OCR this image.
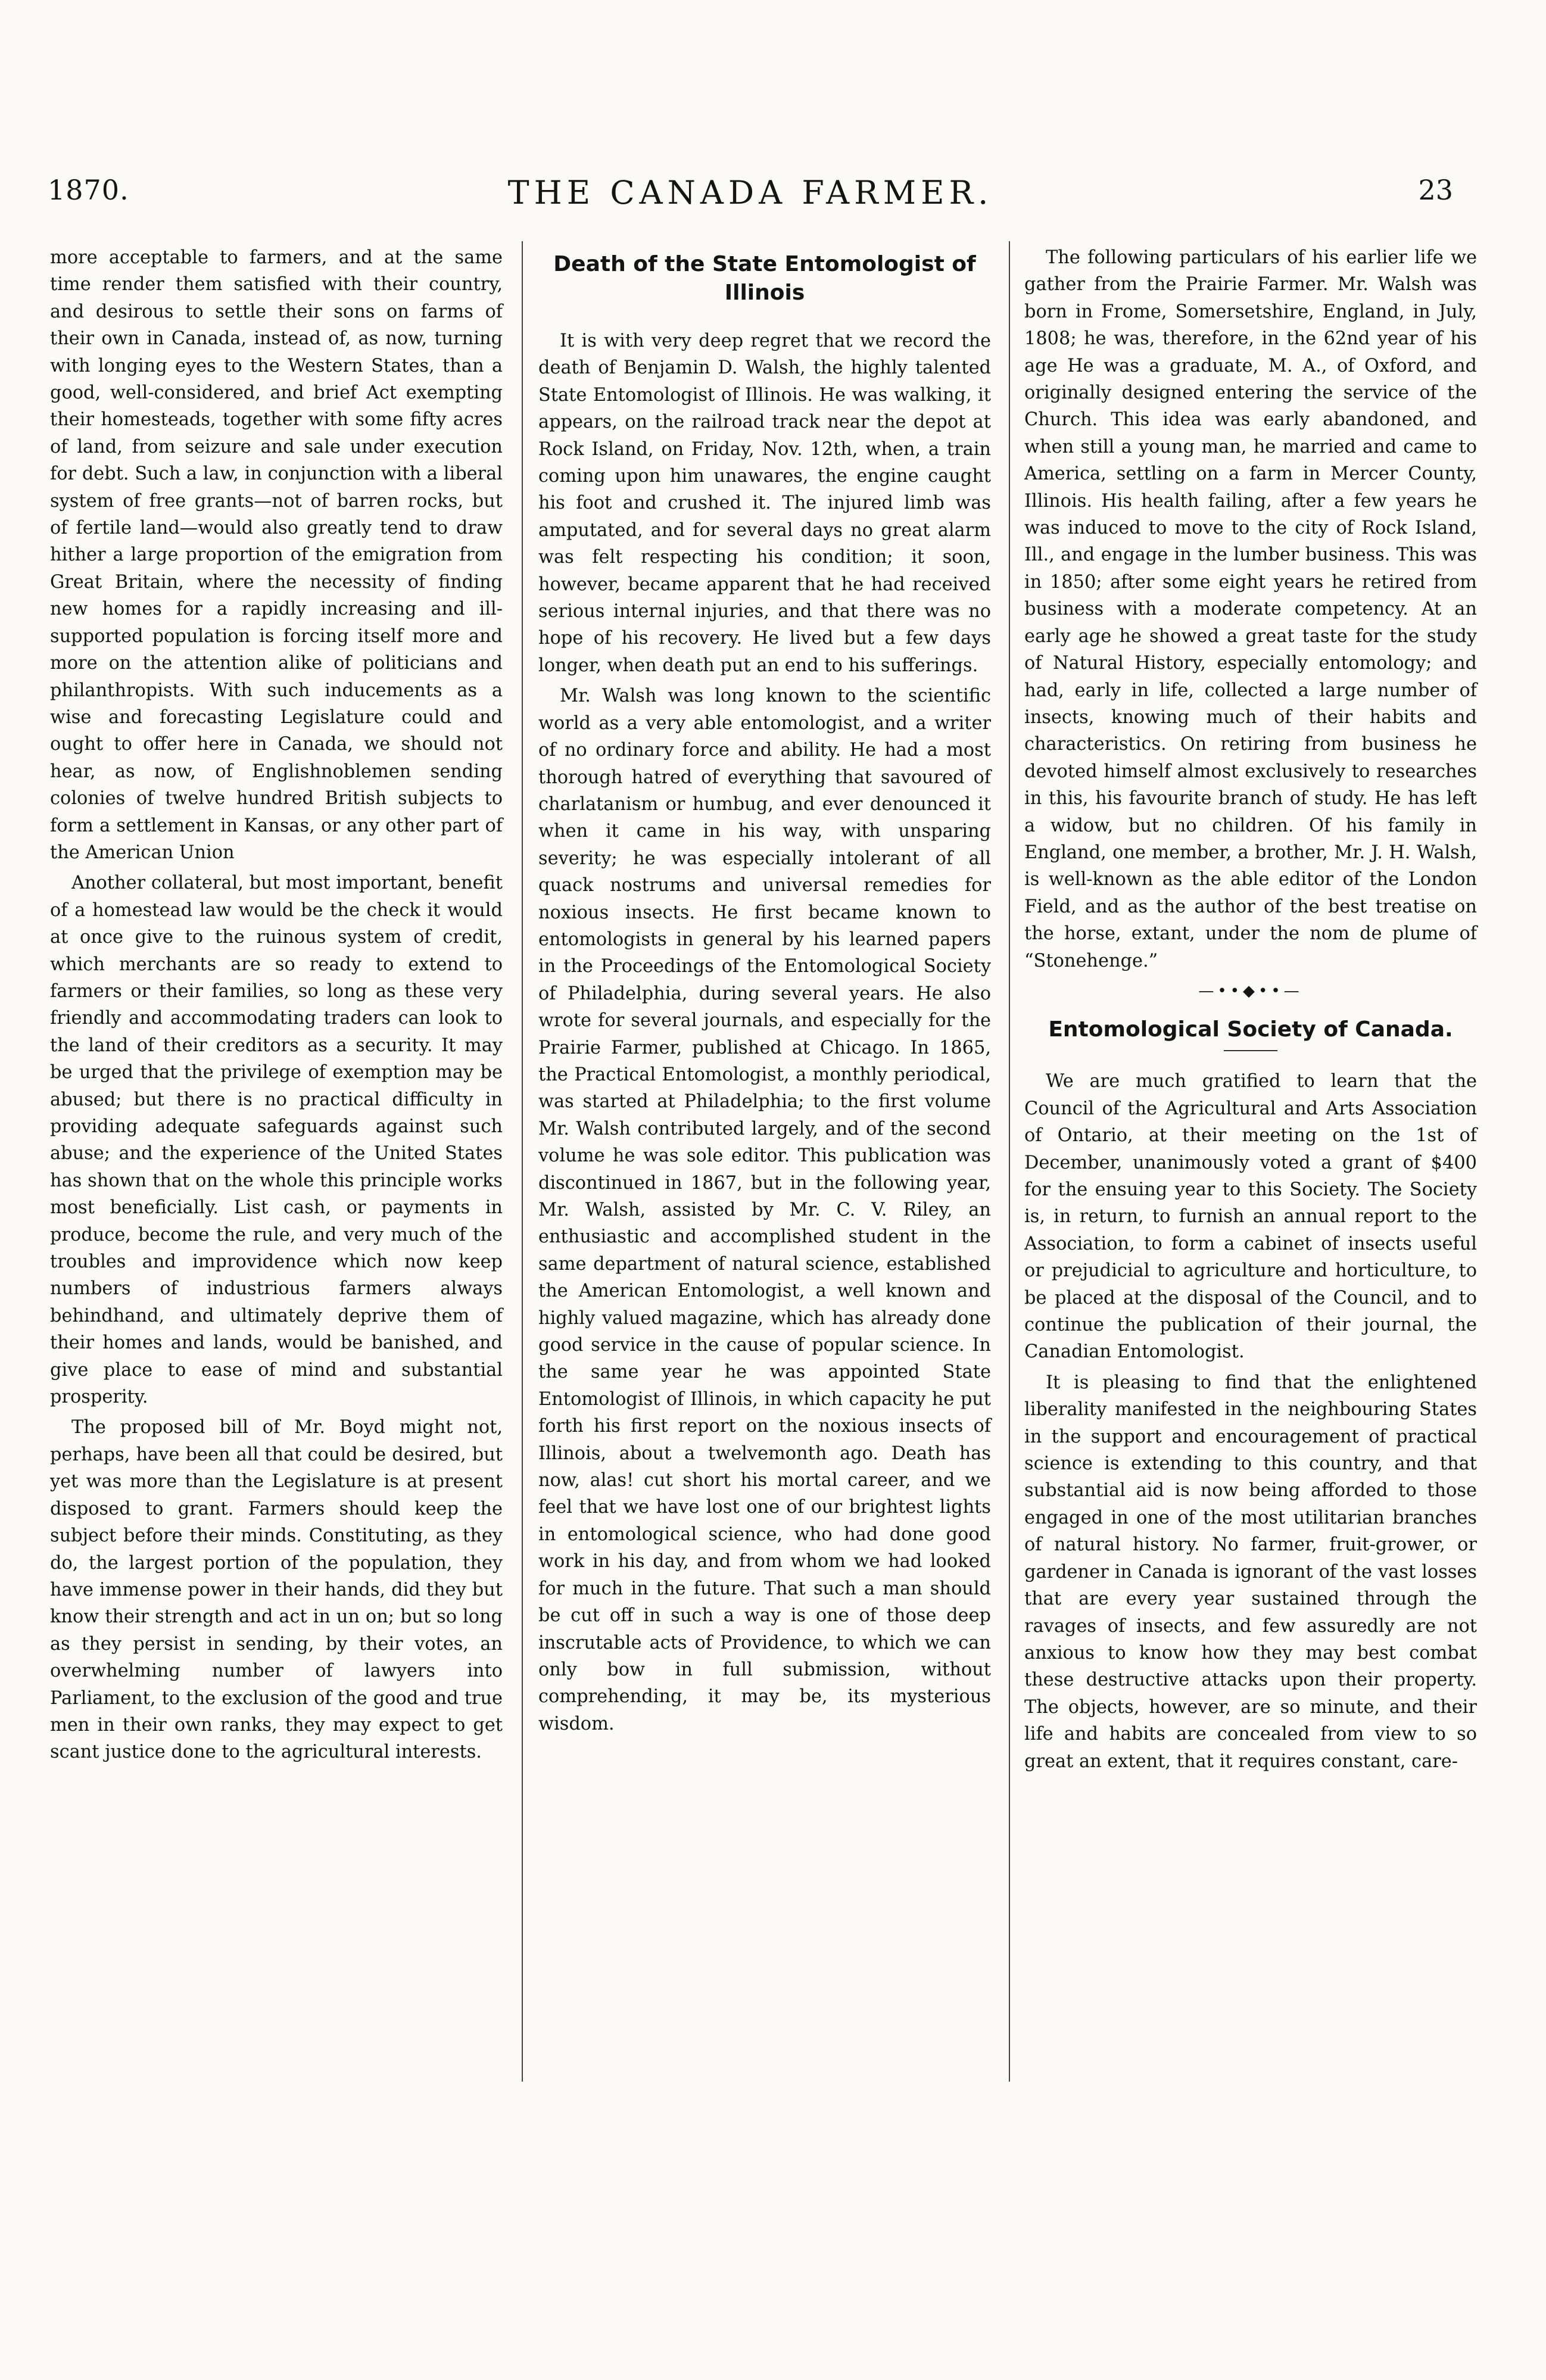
1870.	THE CANADA FARMER.	23

more acceptable to farmers, and at the same time render them satisfied with their country, and desirous to settle their sons on farms of their own in Canada, instead of, as now, turning with longing eyes to the Western States, than a good, well-considered, and brief Act exempting their homesteads, together with some fifty acres of land, from seizure and sale under execution for debt. Such a law, in conjunction with a liberal system of free grants—not of barren rocks, but of fertile land—would also greatly tend to draw hither a large proportion of the emigration from Great Britain, where the necessity of finding new homes for a rapidly increasing and ill-supported population is forcing itself more and more on the attention alike of politicians and philanthropists. With such inducements as a wise and forecasting Legislature could and ought to offer here in Canada, we should not hear, as now, of Englishnoblemen sending colonies of twelve hundred British subjects to form a settlement in Kansas, or any other part of the American Union

Another collateral, but most important, benefit of a homestead law would be the check it would at once give to the ruinous system of credit, which merchants are so ready to extend to farmers or their families, so long as these very friendly and accommodating traders can look to the land of their creditors as a security. It may be urged that the privilege of exemption may be abused; but there is no practical difficulty in providing adequate safeguards against such abuse; and the experience of the United States has shown that on the whole this principle works most beneficially. List cash, or payments in produce, become the rule, and very much of the troubles and improvidence which now keep numbers of industrious farmers always behindhand, and ultimately deprive them of their homes and lands, would be banished, and give place to ease of mind and substantial prosperity.

The proposed bill of Mr. Boyd might not, perhaps, have been all that could be desired, but yet was more than the Legislature is at present disposed to grant. Farmers should keep the subject before their minds. Constituting, as they do, the largest portion of the population, they have immense power in their hands, did they but know their strength and act in un on; but so long as they persist in sending, by their votes, an overwhelming number of lawyers into Parliament, to the exclusion of the good and true men in their own ranks, they may expect to get scant justice done to the agricultural interests.

Death of the State Entomologist of Illinois

It is with very deep regret that we record the death of Benjamin D. Walsh, the highly talented State Entomologist of Illinois. He was walking, it appears, on the railroad track near the depot at Rock Island, on Friday, Nov. 12th, when, a train coming upon him unawares, the engine caught his foot and crushed it. The injured limb was amputated, and for several days no great alarm was felt respecting his condition; it soon, however, became apparent that he had received serious internal injuries, and that there was no hope of his recovery. He lived but a few days longer, when death put an end to his sufferings.

Mr. Walsh was long known to the scientific world as a very able entomologist, and a writer of no ordinary force and ability. He had a most thorough hatred of everything that savoured of charlatanism or humbug, and ever denounced it when it came in his way, with unsparing severity; he was especially intolerant of all quack nostrums and universal remedies for noxious insects. He first became known to entomologists in general by his learned papers in the Proceedings of the Entomological Society of Philadelphia, during several years. He also wrote for several journals, and especially for the Prairie Farmer, published at Chicago. In 1865, the Practical Entomologist, a monthly periodical, was started at Philadelphia; to the first volume Mr. Walsh contributed largely, and of the second volume he was sole editor. This publication was discontinued in 1867, but in the following year, Mr. Walsh, assisted by Mr. C. V. Riley, an enthusiastic and accomplished student in the same department of natural science, established the American Entomologist, a well known and highly valued magazine, which has already done good service in the cause of popular science. In the same year he was appointed State Entomologist of Illinois, in which capacity he put forth his first report on the noxious insects of Illinois, about a twelvemonth ago. Death has now, alas! cut short his mortal career, and we feel that we have lost one of our brightest lights in entomological science, who had done good work in his day, and from whom we had looked for much in the future. That such a man should be cut off in such a way is one of those deep inscrutable acts of Providence, to which we can only bow in full submission, without comprehending, it may be, its mysterious wisdom.

The following particulars of his earlier life we gather from the Prairie Farmer. Mr. Walsh was born in Frome, Somersetshire, England, in July, 1808; he was, therefore, in the 62nd year of his age He was a graduate, M. A., of Oxford, and originally designed entering the service of the Church. This idea was early abandoned, and when still a young man, he married and came to America, settling on a farm in Mercer County, Illinois. His health failing, after a few years he was induced to move to the city of Rock Island, Ill., and engage in the lumber business. This was in 1850; after some eight years he retired from business with a moderate competency. At an early age he showed a great taste for the study of Natural History, especially entomology; and had, early in life, collected a large number of insects, knowing much of their habits and characteristics. On retiring from business he devoted himself almost exclusively to researches in this, his favourite branch of study. He has left a widow, but no children. Of his family in England, one member, a brother, Mr. J. H. Walsh, is well-known as the able editor of the London Field, and as the author of the best treatise on the horse, extant, under the nom de plume of “Stonehenge.”

—••◆••—
Entomological Society of Canada.

We are much gratified to learn that the Council of the Agricultural and Arts Association of Ontario, at their meeting on the 1st of December, unanimously voted a grant of $400 for the ensuing year to this Society. The Society is, in return, to furnish an annual report to the Association, to form a cabinet of insects useful or prejudicial to agriculture and horticulture, to be placed at the disposal of the Council, and to continue the publication of their journal, the Canadian Entomologist.

It is pleasing to find that the enlightened liberality manifested in the neighbouring States in the support and encouragement of practical science is extending to this country, and that substantial aid is now being afforded to those engaged in one of the most utilitarian branches of natural history. No farmer, fruit-grower, or gardener in Canada is ignorant of the vast losses that are every year sustained through the ravages of insects, and few assuredly are not anxious to know how they may best combat these destructive attacks upon their property. The objects, however, are so minute, and their life and habits are concealed from view to so great an extent, that it requires constant, care-
